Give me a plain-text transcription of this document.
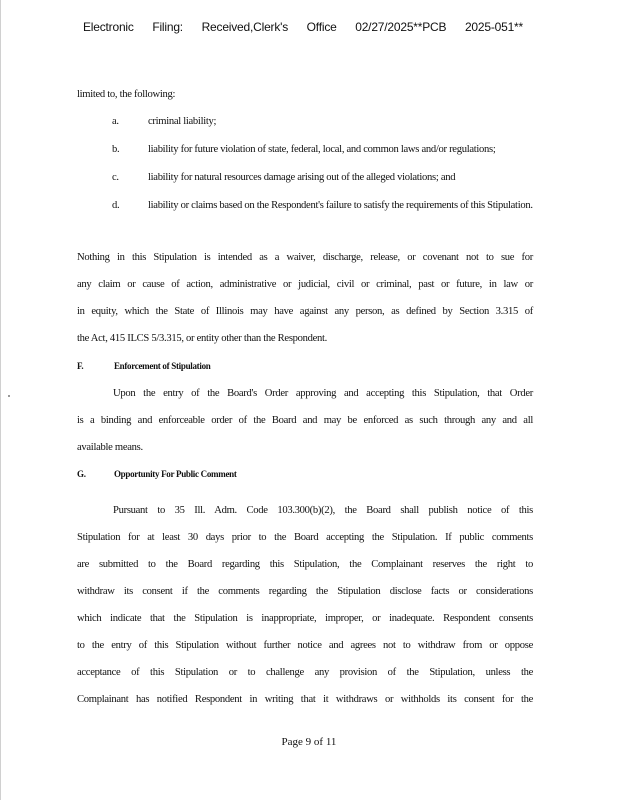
Electronic Filing: Received,Clerk's Office 02/27/2025**PCB 2025-051**
limited to, the following:
a.	criminal liability;
b.	liability for future violation of state, federal, local, and common laws and/or regulations;
c.	liability for natural resources damage arising out of the alleged violations; and
d.	liability or claims based on the Respondent's failure to satisfy the requirements of this Stipulation.
Nothing in this Stipulation is intended as a waiver, discharge, release, or covenant not to sue for
any claim or cause of action, administrative or judicial, civil or criminal, past or future, in law or
in equity, which the State of Illinois may have against any person, as defined by Section 3.315 of
the Act, 415 ILCS 5/3.315, or entity other than the Respondent.
F.	Enforcement of Stipulation
Upon the entry of the Board's Order approving and accepting this Stipulation, that Order
is a binding and enforceable order of the Board and may be enforced as such through any and all
available means.
G.	Opportunity For Public Comment
Pursuant to 35 Ill. Adm. Code 103.300(b)(2), the Board shall publish notice of this
Stipulation for at least 30 days prior to the Board accepting the Stipulation. If public comments
are submitted to the Board regarding this Stipulation, the Complainant reserves the right to
withdraw its consent if the comments regarding the Stipulation disclose facts or considerations
which indicate that the Stipulation is inappropriate, improper, or inadequate. Respondent consents
to the entry of this Stipulation without further notice and agrees not to withdraw from or oppose
acceptance of this Stipulation or to challenge any provision of the Stipulation, unless the
Complainant has notified Respondent in writing that it withdraws or withholds its consent for the
Page 9 of 11
